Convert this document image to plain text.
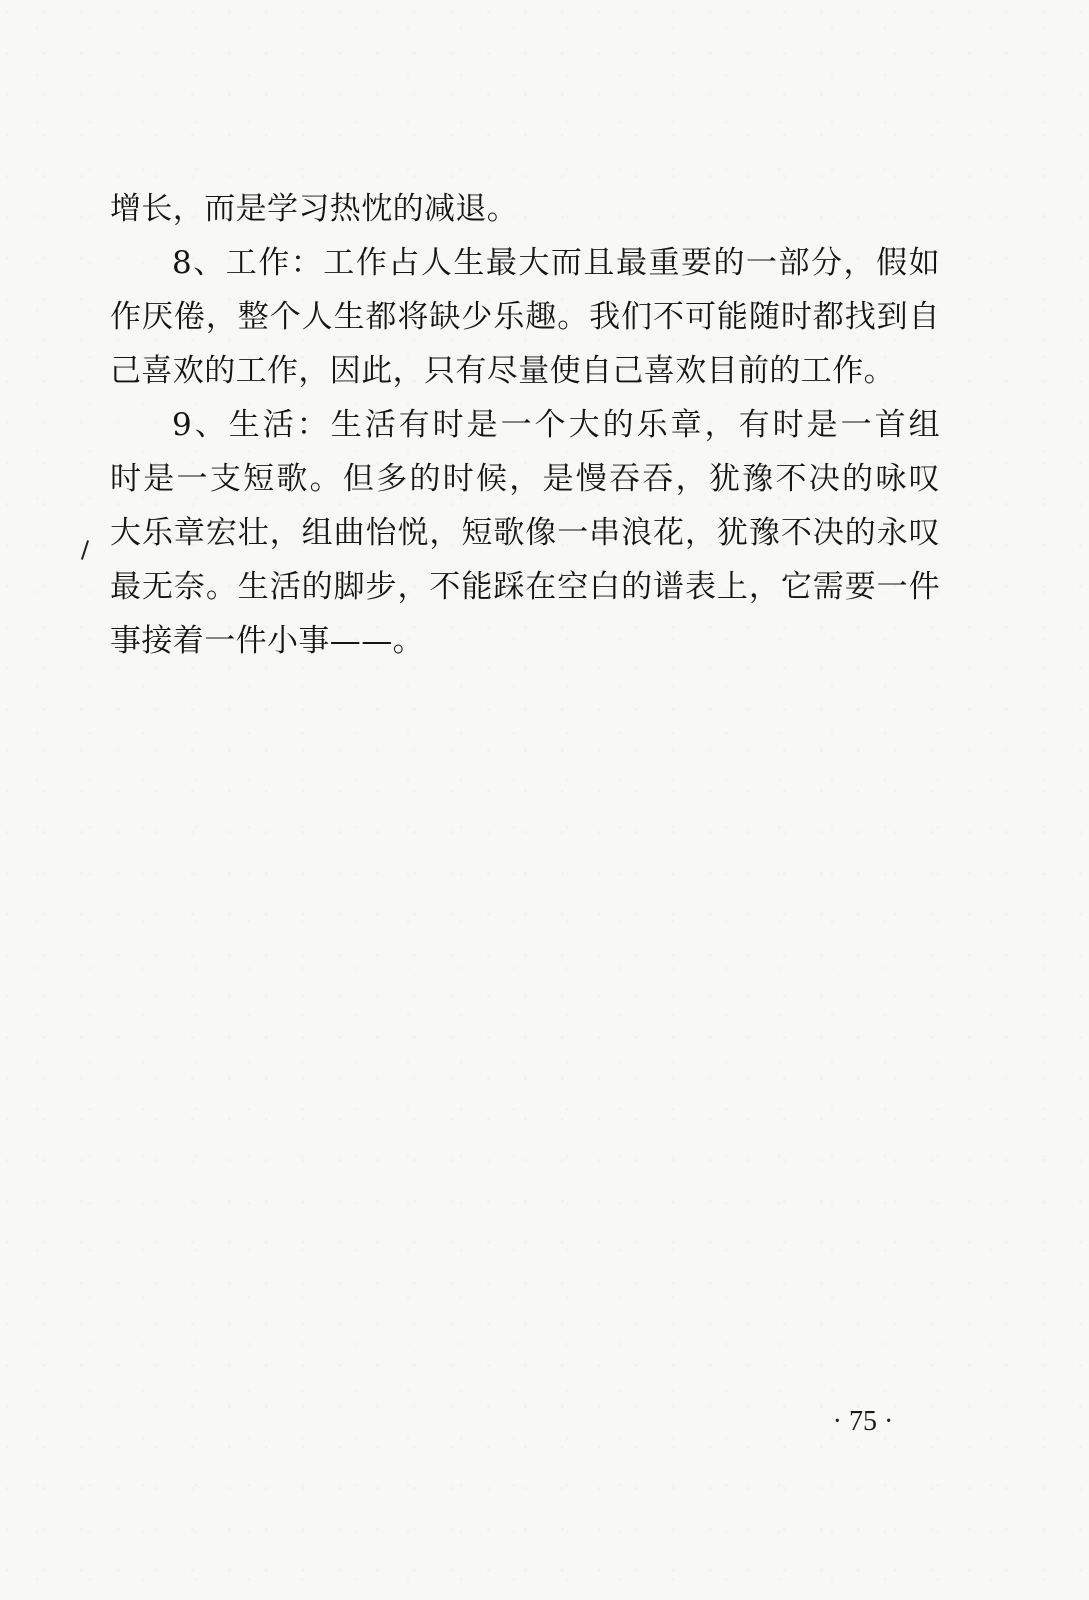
增长，而是学习热忱的减退。
8、工作：工作占人生最大而且最重要的一部分，假如
作厌倦，整个人生都将缺少乐趣。我们不可能随时都找到自
己喜欢的工作，因此，只有尽量使自己喜欢目前的工作。
9、生活：生活有时是一个大的乐章，有时是一首组
时是一支短歌。但多的时候，是慢吞吞，犹豫不决的咏叹
大乐章宏壮，组曲怡悦，短歌像一串浪花，犹豫不决的永叹
最无奈。生活的脚步，不能踩在空白的谱表上，它需要一件
事接着一件小事——。
· 75 ·
